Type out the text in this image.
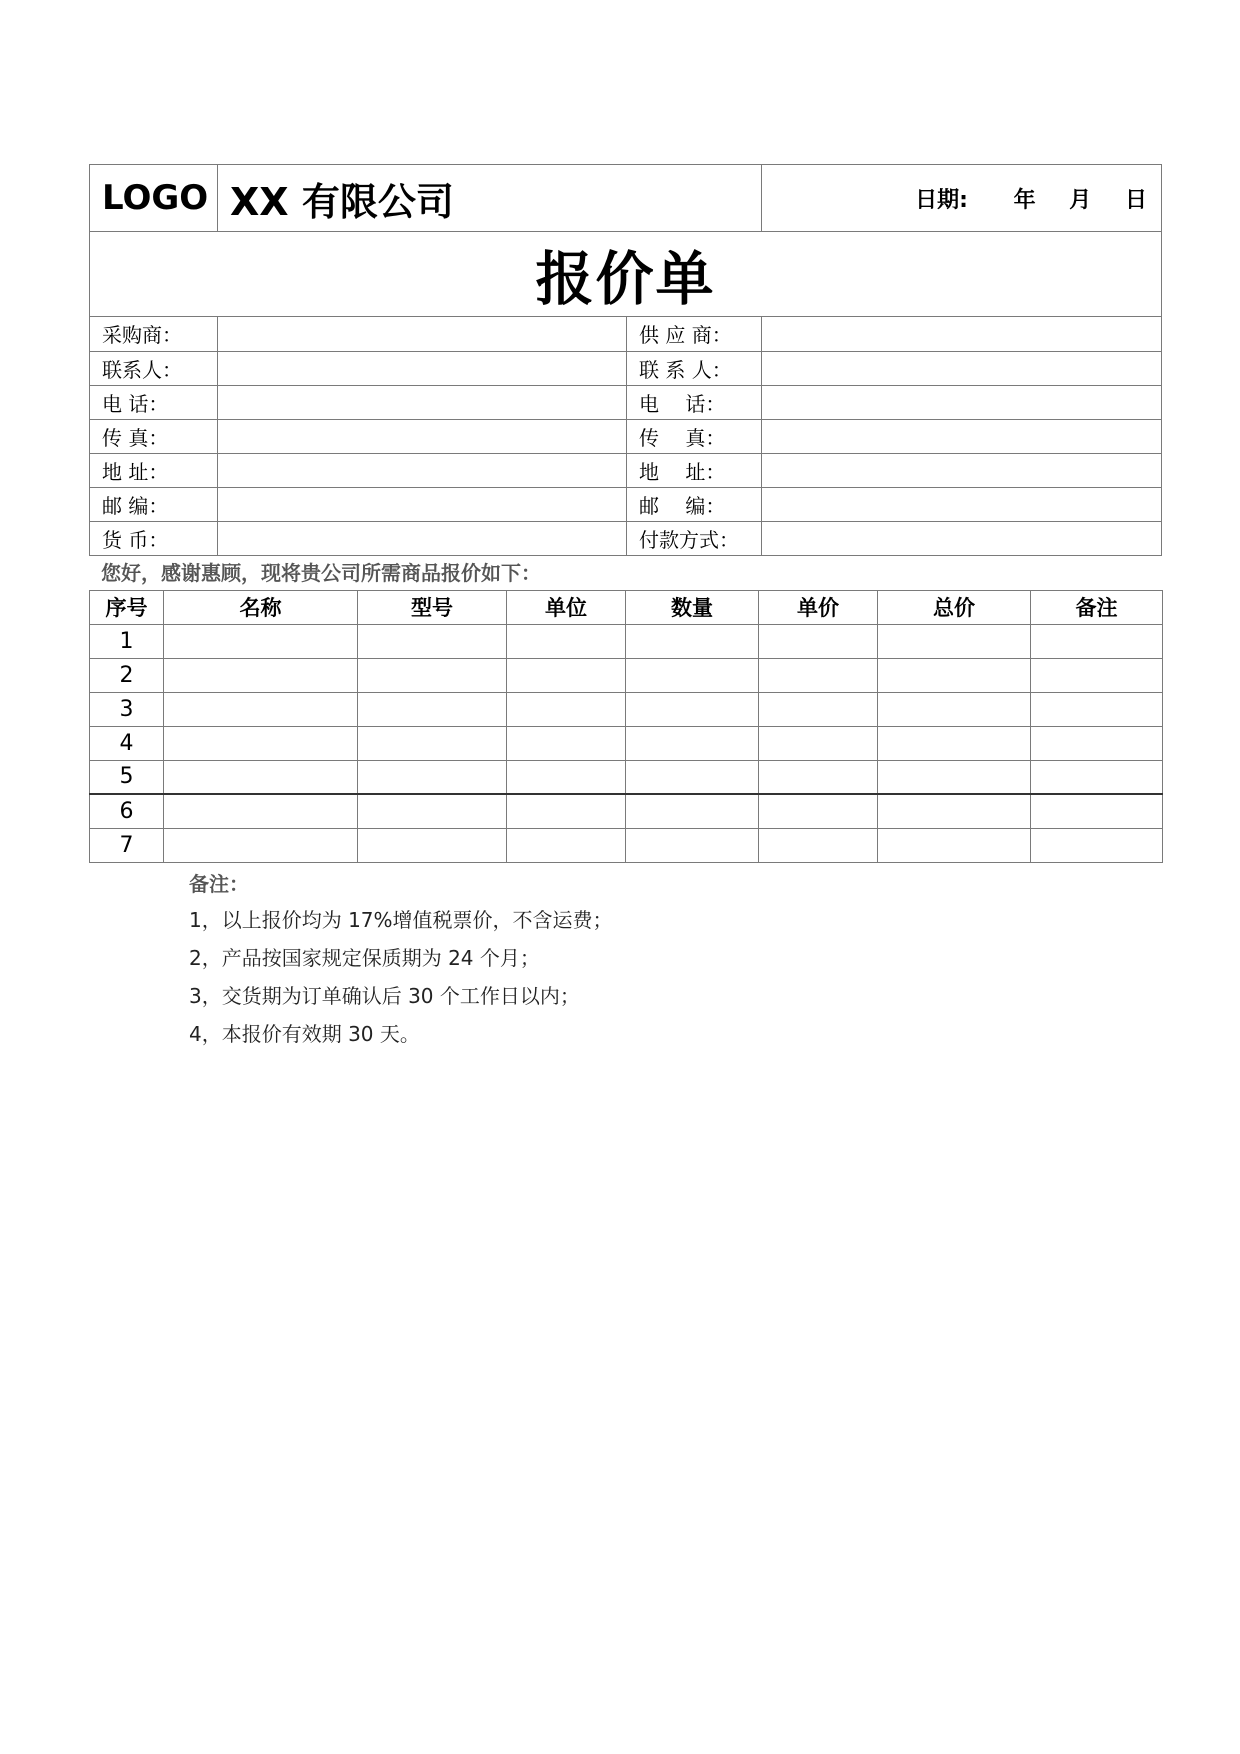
LOGO	XX 有限公司	日期: 年 月 日
报价单
采购商：		供 应 商：	
联系人：		联 系 人：	
电 话：		电　 话：	
传 真：		传　 真：	
地 址：		地　 址：	
邮 编：		邮　 编：	
货 币：		付款方式：	
您好，感谢惠顾，现将贵公司所需商品报价如下：
序号	名称	型号	单位	数量	单价	总价	备注
1							
2							
3							
4							
5							
6							
7							
备注：
1，以上报价均为 17%增值税票价，不含运费；
2，产品按国家规定保质期为 24 个月；
3，交货期为订单确认后 30 个工作日以内；
4，本报价有效期 30 天。
